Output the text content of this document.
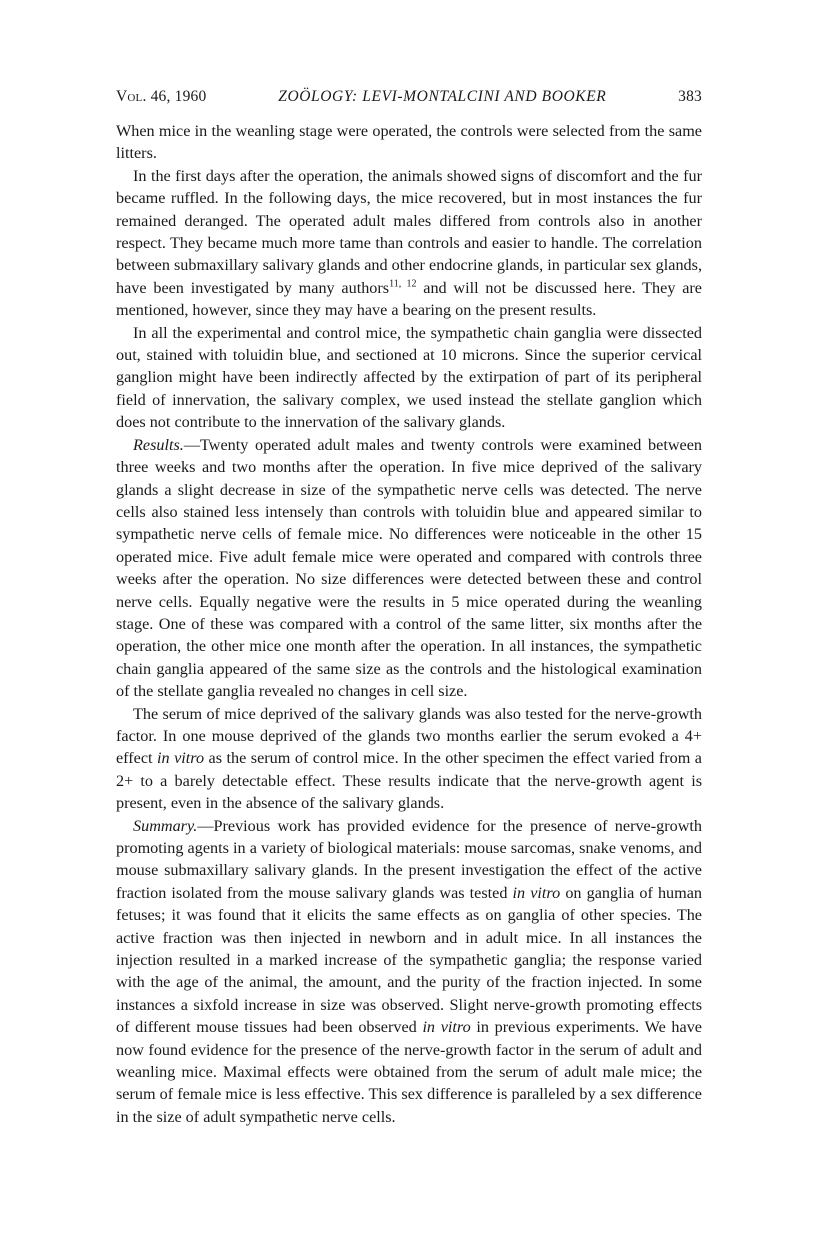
Vol. 46, 1960	ZOÖLOGY: LEVI-MONTALCINI AND BOOKER	383

When mice in the weanling stage were operated, the controls were selected from the same litters.

In the first days after the operation, the animals showed signs of discomfort and the fur became ruffled. In the following days, the mice recovered, but in most instances the fur remained deranged. The operated adult males differed from controls also in another respect. They became much more tame than controls and easier to handle. The correlation between submaxillary salivary glands and other endocrine glands, in particular sex glands, have been investigated by many authors$^{11, 12}$ and will not be discussed here. They are mentioned, however, since they may have a bearing on the present results.

In all the experimental and control mice, the sympathetic chain ganglia were dissected out, stained with toluidin blue, and sectioned at 10 microns. Since the superior cervical ganglion might have been indirectly affected by the extirpation of part of its peripheral field of innervation, the salivary complex, we used instead the stellate ganglion which does not contribute to the innervation of the salivary glands.

Results.—Twenty operated adult males and twenty controls were examined between three weeks and two months after the operation. In five mice deprived of the salivary glands a slight decrease in size of the sympathetic nerve cells was detected. The nerve cells also stained less intensely than controls with toluidin blue and appeared similar to sympathetic nerve cells of female mice. No differences were noticeable in the other 15 operated mice. Five adult female mice were operated and compared with controls three weeks after the operation. No size differences were detected between these and control nerve cells. Equally negative were the results in 5 mice operated during the weanling stage. One of these was compared with a control of the same litter, six months after the operation, the other mice one month after the operation. In all instances, the sympathetic chain ganglia appeared of the same size as the controls and the histological examination of the stellate ganglia revealed no changes in cell size.

The serum of mice deprived of the salivary glands was also tested for the nerve-growth factor. In one mouse deprived of the glands two months earlier the serum evoked a 4+ effect in vitro as the serum of control mice. In the other specimen the effect varied from a 2+ to a barely detectable effect. These results indicate that the nerve-growth agent is present, even in the absence of the salivary glands.

Summary.—Previous work has provided evidence for the presence of nerve-growth promoting agents in a variety of biological materials: mouse sarcomas, snake venoms, and mouse submaxillary salivary glands. In the present investigation the effect of the active fraction isolated from the mouse salivary glands was tested in vitro on ganglia of human fetuses; it was found that it elicits the same effects as on ganglia of other species. The active fraction was then injected in newborn and in adult mice. In all instances the injection resulted in a marked increase of the sympathetic ganglia; the response varied with the age of the animal, the amount, and the purity of the fraction injected. In some instances a sixfold increase in size was observed. Slight nerve-growth promoting effects of different mouse tissues had been observed in vitro in previous experiments. We have now found evidence for the presence of the nerve-growth factor in the serum of adult and weanling mice. Maximal effects were obtained from the serum of adult male mice; the serum of female mice is less effective. This sex difference is paralleled by a sex difference in the size of adult sympathetic nerve cells.
